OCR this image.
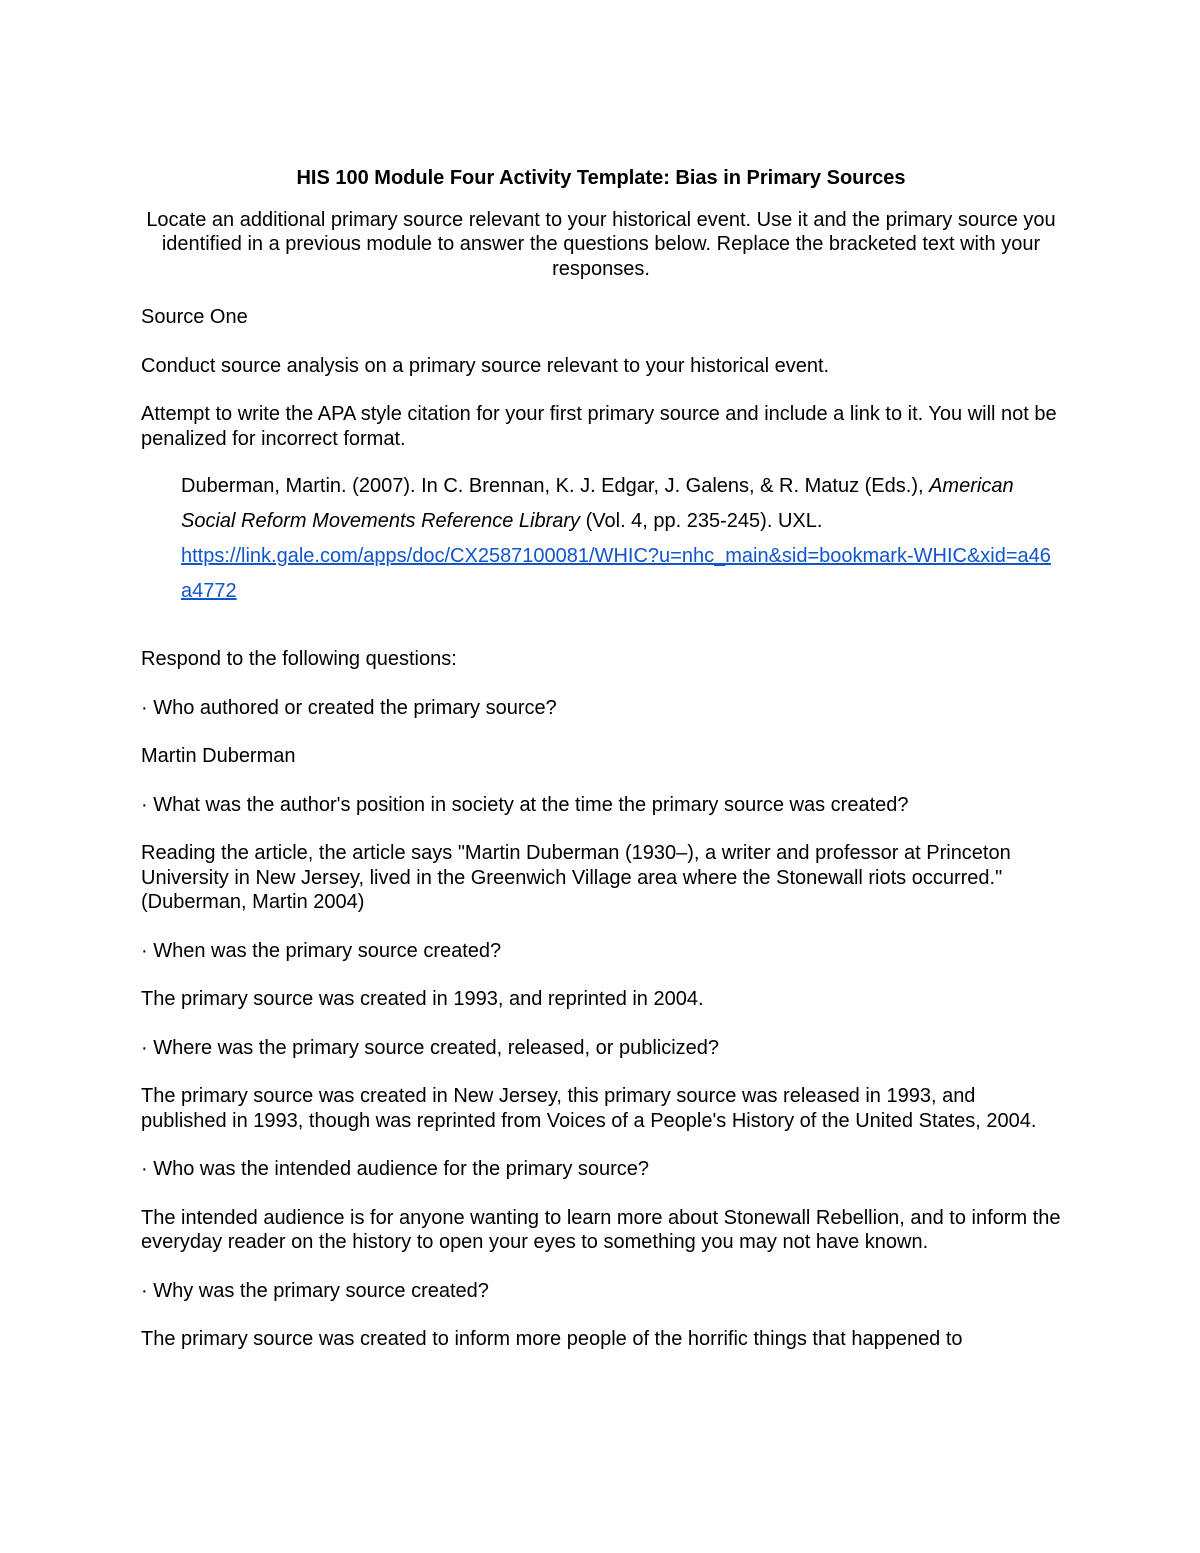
HIS 100 Module Four Activity Template: Bias in Primary Sources

Locate an additional primary source relevant to your historical event. Use it and the primary source you identified in a previous module to answer the questions below. Replace the bracketed text with your responses.

Source One

Conduct source analysis on a primary source relevant to your historical event.

Attempt to write the APA style citation for your first primary source and include a link to it. You will not be penalized for incorrect format.

Duberman, Martin. (2007). In C. Brennan, K. J. Edgar, J. Galens, & R. Matuz (Eds.), American Social Reform Movements Reference Library (Vol. 4, pp. 235-245). UXL.
https://link.gale.com/apps/doc/CX2587100081/WHIC?u=nhc_main&sid=bookmark-WHIC&xid=a46a4772

Respond to the following questions:

· Who authored or created the primary source?

Martin Duberman

· What was the author's position in society at the time the primary source was created?

Reading the article, the article says "Martin Duberman (1930–), a writer and professor at Princeton University in New Jersey, lived in the Greenwich Village area where the Stonewall riots occurred." (Duberman, Martin 2004)

· When was the primary source created?

The primary source was created in 1993, and reprinted in 2004.

· Where was the primary source created, released, or publicized?

The primary source was created in New Jersey, this primary source was released in 1993, and published in 1993, though was reprinted from Voices of a People's History of the United States, 2004.

· Who was the intended audience for the primary source?

The intended audience is for anyone wanting to learn more about Stonewall Rebellion, and to inform the everyday reader on the history to open your eyes to something you may not have known.

· Why was the primary source created?

The primary source was created to inform more people of the horrific things that happened to
